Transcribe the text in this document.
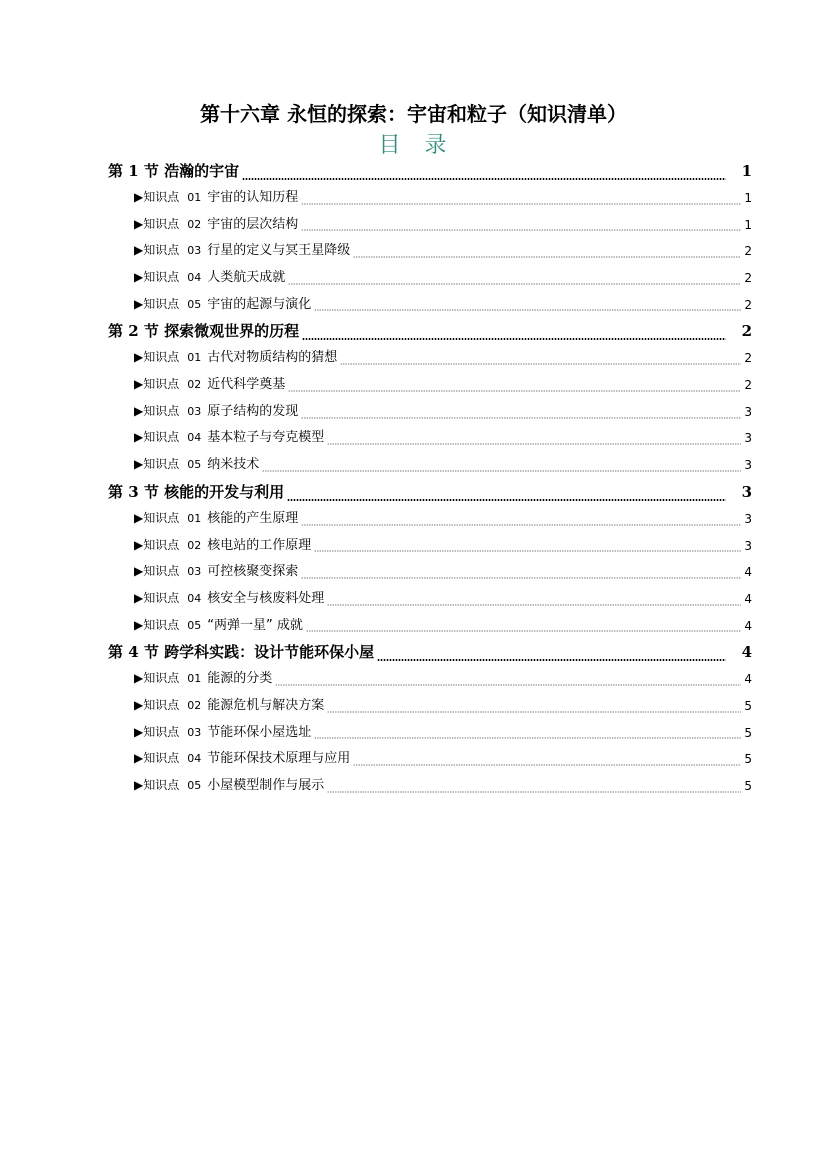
第十六章 永恒的探索：宇宙和粒子（知识清单）
目 录
第 1 节 浩瀚的宇宙	1
▶知识点 01 宇宙的认知历程	1
▶知识点 02 宇宙的层次结构	1
▶知识点 03 行星的定义与冥王星降级	2
▶知识点 04 人类航天成就	2
▶知识点 05 宇宙的起源与演化	2
第 2 节 探索微观世界的历程	2
▶知识点 01 古代对物质结构的猜想	2
▶知识点 02 近代科学奠基	2
▶知识点 03 原子结构的发现	3
▶知识点 04 基本粒子与夸克模型	3
▶知识点 05 纳米技术	3
第 3 节 核能的开发与利用	3
▶知识点 01 核能的产生原理	3
▶知识点 02 核电站的工作原理	3
▶知识点 03 可控核聚变探索	4
▶知识点 04 核安全与核废料处理	4
▶知识点 05 “两弹一星” 成就	4
第 4 节 跨学科实践：设计节能环保小屋	4
▶知识点 01 能源的分类	4
▶知识点 02 能源危机与解决方案	5
▶知识点 03 节能环保小屋选址	5
▶知识点 04 节能环保技术原理与应用	5
▶知识点 05 小屋模型制作与展示	5
